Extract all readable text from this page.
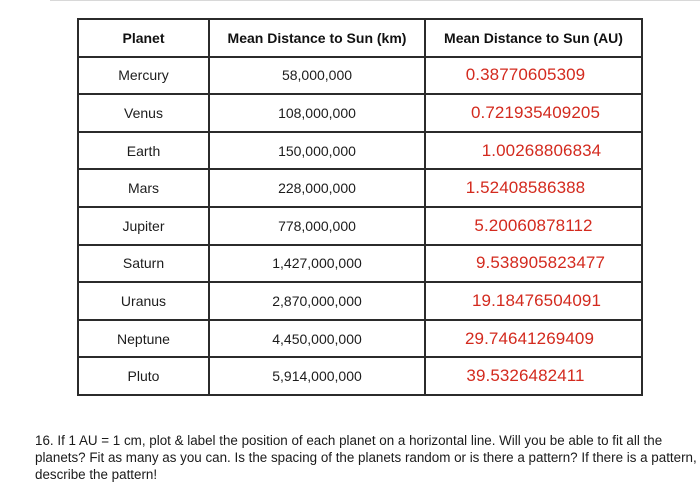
Planet	Mean Distance to Sun (km)	Mean Distance to Sun (AU)
Mercury	58,000,000	0.38770605309
Venus	108,000,000	0.721935409205
Earth	150,000,000	1.00268806834
Mars	228,000,000	1.52408586388
Jupiter	778,000,000	5.20060878112
Saturn	1,427,000,000	9.538905823477
Uranus	2,870,000,000	19.18476504091
Neptune	4,450,000,000	29.74641269409
Pluto	5,914,000,000	39.5326482411
16. If 1 AU = 1 cm, plot & label the position of each planet on a horizontal line. Will you be able to fit all the planets? Fit as many as you can. Is the spacing of the planets random or is there a pattern? If there is a pattern, describe the pattern!
